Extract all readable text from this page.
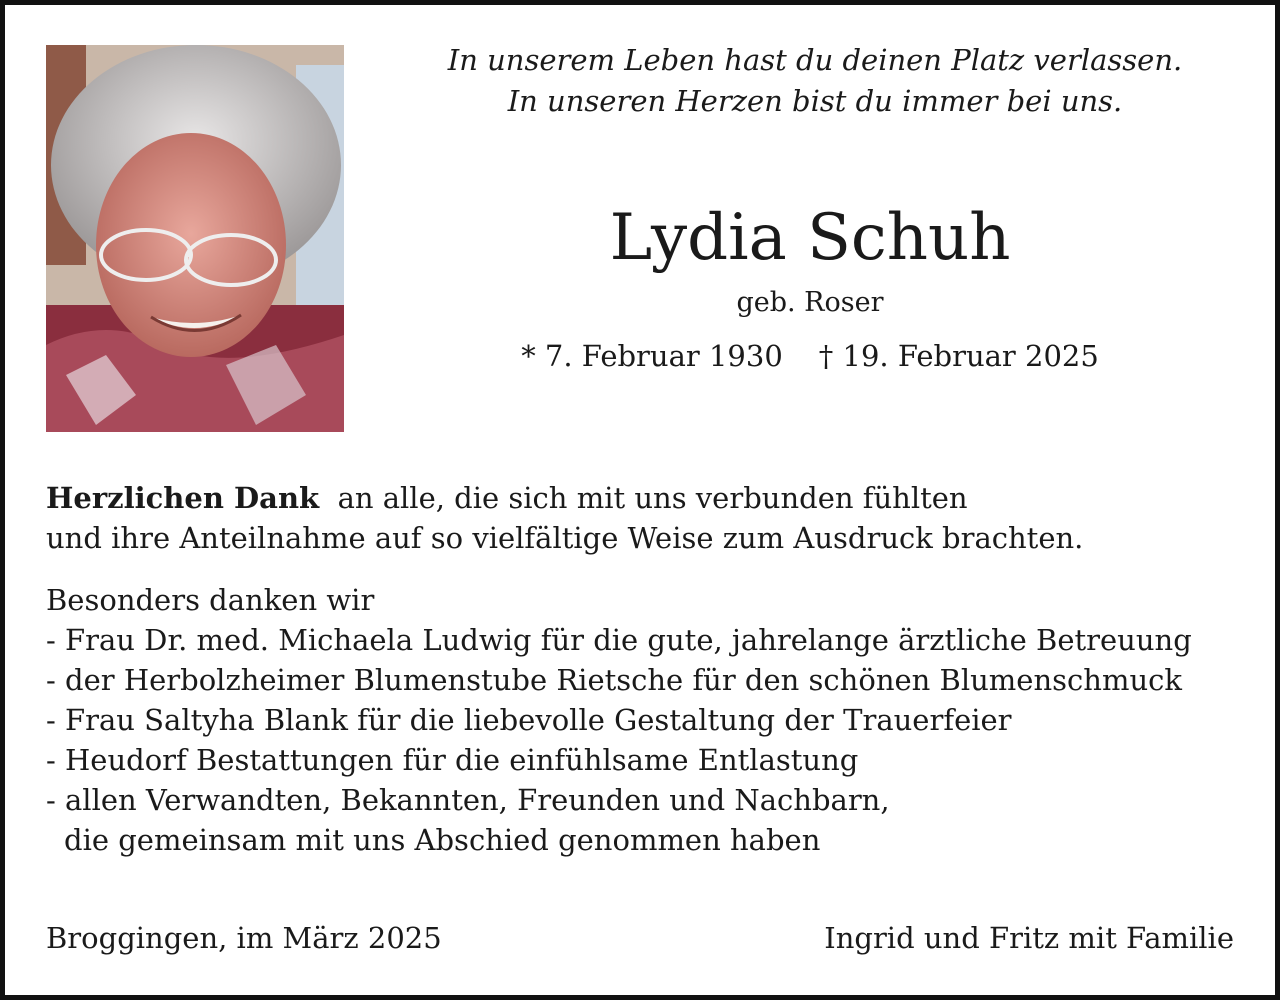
In unserem Leben hast du deinen Platz verlassen.

In unseren Herzen bist du immer bei uns.

Lydia Schuh
geb. Roser
* 7. Februar 1930 † 19. Februar 2025

Herzlichen Dank an alle, die sich mit uns verbunden fühlten

und ihre Anteilnahme auf so vielfältige Weise zum Ausdruck brachten.

Besonders danken wir

- Frau Dr. med. Michaela Ludwig für die gute, jahrelange ärztliche Betreuung

- der Herbolzheimer Blumenstube Rietsche für den schönen Blumenschmuck

- Frau Saltyha Blank für die liebevolle Gestaltung der Trauerfeier

- Heudorf Bestattungen für die einfühlsame Entlastung

- allen Verwandten, Bekannten, Freunden und Nachbarn,

die gemeinsam mit uns Abschied genommen haben

Broggingen, im März 2025	Ingrid und Fritz mit Familie
